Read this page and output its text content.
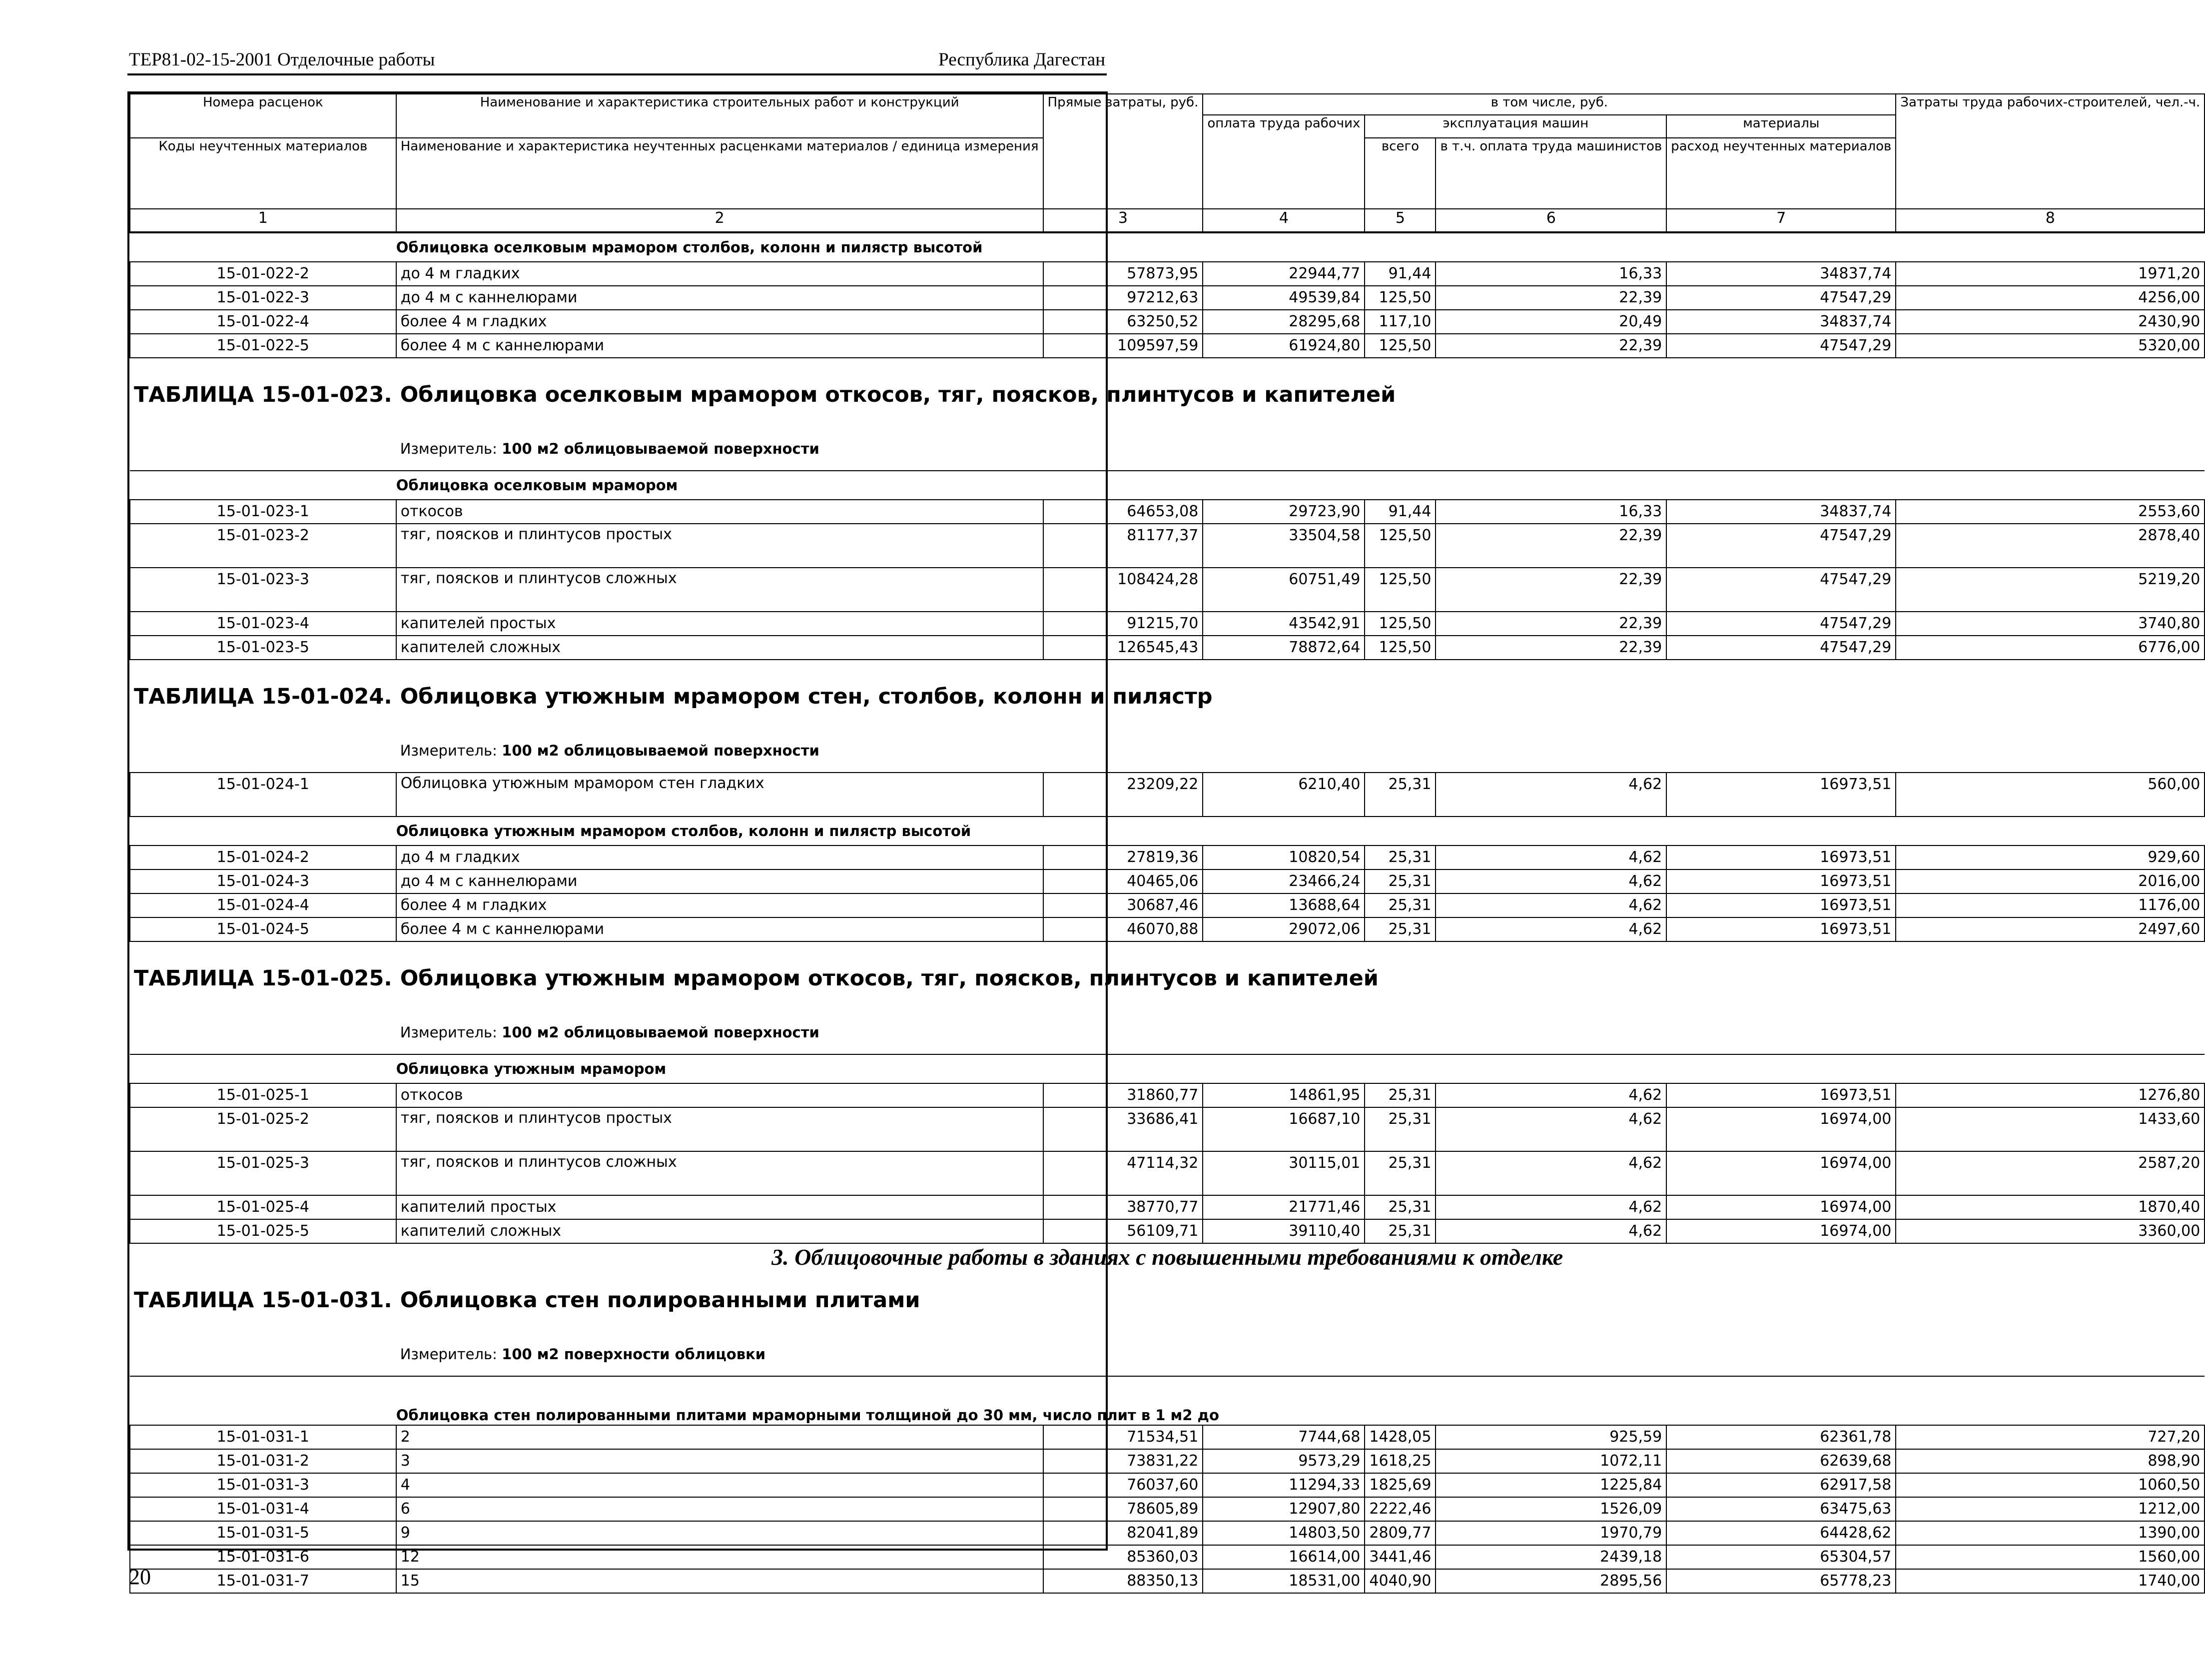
ТЕР81-02-15-2001 Отделочные работы	Республика Дагестан
Номера расценок	Наименование и характеристика строительных работ и конструкций	Прямые затраты, руб.	в том числе, руб.				Затраты труда рабочих-строителей, чел.-ч.
			оплата труда рабочих	эксплуатация машин		материалы	
Коды неучтенных материалов	Наименование и характеристика неучтенных расценками материалов / единица измерения			всего	в т.ч. оплата труда машинистов	расход неучтенных материалов	

1	2	3	4	5	6	7	8
	Облицовка оселковым мрамором столбов, колонн и пилястр высотой						
15-01-022-2	до 4 м гладких	57873,95	22944,77	91,44	16,33	34837,74	1971,20
15-01-022-3	до 4 м с каннелюрами	97212,63	49539,84	125,50	22,39	47547,29	4256,00
15-01-022-4	более 4 м гладких	63250,52	28295,68	117,10	20,49	34837,74	2430,90
15-01-022-5	более 4 м с каннелюрами	109597,59	61924,80	125,50	22,39	47547,29	5320,00

ТАБЛИЦА 15-01-023.	Облицовка оселковым мрамором откосов, тяг, поясков, плинтусов и капителей						
	Измеритель: 100 м2 облицовываемой поверхности						
	Облицовка оселковым мрамором						
15-01-023-1	откосов	64653,08	29723,90	91,44	16,33	34837,74	2553,60
15-01-023-2	тяг, поясков и плинтусов простых	81177,37	33504,58	125,50	22,39	47547,29	2878,40
15-01-023-3	тяг, поясков и плинтусов сложных	108424,28	60751,49	125,50	22,39	47547,29	5219,20
15-01-023-4	капителей простых	91215,70	43542,91	125,50	22,39	47547,29	3740,80
15-01-023-5	капителей сложных	126545,43	78872,64	125,50	22,39	47547,29	6776,00

ТАБЛИЦА 15-01-024.	Облицовка утюжным мрамором стен, столбов, колонн и пилястр						
	Измеритель: 100 м2 облицовываемой поверхности						
15-01-024-1	Облицовка утюжным мрамором стен гладких	23209,22	6210,40	25,31	4,62	16973,51	560,00
	Облицовка утюжным мрамором столбов, колонн и пилястр высотой						
15-01-024-2	до 4 м гладких	27819,36	10820,54	25,31	4,62	16973,51	929,60
15-01-024-3	до 4 м с каннелюрами	40465,06	23466,24	25,31	4,62	16973,51	2016,00
15-01-024-4	более 4 м гладких	30687,46	13688,64	25,31	4,62	16973,51	1176,00
15-01-024-5	более 4 м с каннелюрами	46070,88	29072,06	25,31	4,62	16973,51	2497,60

ТАБЛИЦА 15-01-025.	Облицовка утюжным мрамором откосов, тяг, поясков, плинтусов и капителей						
	Измеритель: 100 м2 облицовываемой поверхности						
	Облицовка утюжным мрамором						
15-01-025-1	откосов	31860,77	14861,95	25,31	4,62	16973,51	1276,80
15-01-025-2	тяг, поясков и плинтусов простых	33686,41	16687,10	25,31	4,62	16974,00	1433,60
15-01-025-3	тяг, поясков и плинтусов сложных	47114,32	30115,01	25,31	4,62	16974,00	2587,20
15-01-025-4	капителий простых	38770,77	21771,46	25,31	4,62	16974,00	1870,40
15-01-025-5	капителий сложных	56109,71	39110,40	25,31	4,62	16974,00	3360,00
3. Облицовочные работы в зданиях с повышенными требованиями к отделке							
ТАБЛИЦА 15-01-031.	Облицовка стен полированными плитами						
	Измеритель: 100 м2 поверхности облицовки						
	Облицовка стен полированными плитами мраморными толщиной до 30 мм, число плит в 1 м2 до						
15-01-031-1	2	71534,51	7744,68	1428,05	925,59	62361,78	727,20
15-01-031-2	3	73831,22	9573,29	1618,25	1072,11	62639,68	898,90
15-01-031-3	4	76037,60	11294,33	1825,69	1225,84	62917,58	1060,50
15-01-031-4	6	78605,89	12907,80	2222,46	1526,09	63475,63	1212,00
15-01-031-5	9	82041,89	14803,50	2809,77	1970,79	64428,62	1390,00
15-01-031-6	12	85360,03	16614,00	3441,46	2439,18	65304,57	1560,00
15-01-031-7	15	88350,13	18531,00	4040,90	2895,56	65778,23	1740,00
20
